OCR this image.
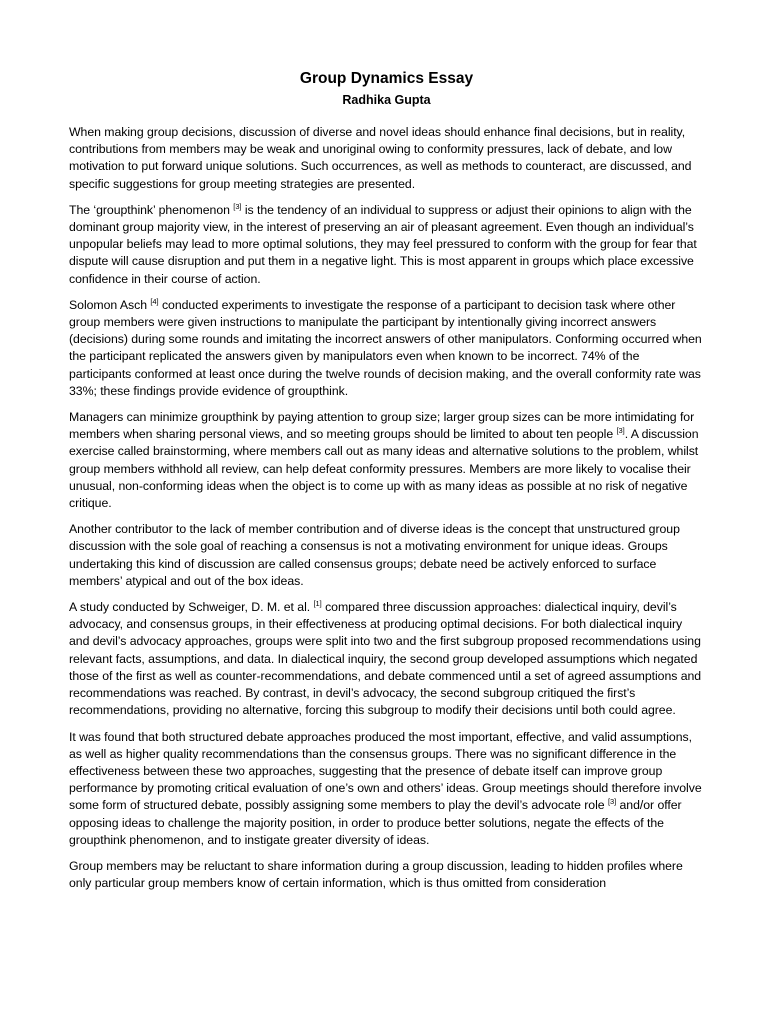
Group Dynamics Essay
Radhika Gupta

When making group decisions, discussion of diverse and novel ideas should enhance final decisions, but in reality, contributions from members may be weak and unoriginal owing to conformity pressures, lack of debate, and low motivation to put forward unique solutions. Such occurrences, as well as methods to counteract, are discussed, and specific suggestions for group meeting strategies are presented.

The ‘groupthink’ phenomenon [3] is the tendency of an individual to suppress or adjust their opinions to align with the dominant group majority view, in the interest of preserving an air of pleasant agreement. Even though an individual’s unpopular beliefs may lead to more optimal solutions, they may feel pressured to conform with the group for fear that dispute will cause disruption and put them in a negative light. This is most apparent in groups which place excessive confidence in their course of action.

Solomon Asch [4] conducted experiments to investigate the response of a participant to decision task where other group members were given instructions to manipulate the participant by intentionally giving incorrect answers (decisions) during some rounds and imitating the incorrect answers of other manipulators. Conforming occurred when the participant replicated the answers given by manipulators even when known to be incorrect. 74% of the participants conformed at least once during the twelve rounds of decision making, and the overall conformity rate was 33%; these findings provide evidence of groupthink.

Managers can minimize groupthink by paying attention to group size; larger group sizes can be more intimidating for members when sharing personal views, and so meeting groups should be limited to about ten people [3]. A discussion exercise called brainstorming, where members call out as many ideas and alternative solutions to the problem, whilst group members withhold all review, can help defeat conformity pressures. Members are more likely to vocalise their unusual, non-conforming ideas when the object is to come up with as many ideas as possible at no risk of negative critique.

Another contributor to the lack of member contribution and of diverse ideas is the concept that unstructured group discussion with the sole goal of reaching a consensus is not a motivating environment for unique ideas. Groups undertaking this kind of discussion are called consensus groups; debate need be actively enforced to surface members’ atypical and out of the box ideas.

A study conducted by Schweiger, D. M. et al. [1] compared three discussion approaches: dialectical inquiry, devil’s advocacy, and consensus groups, in their effectiveness at producing optimal decisions. For both dialectical inquiry and devil’s advocacy approaches, groups were split into two and the first subgroup proposed recommendations using relevant facts, assumptions, and data. In dialectical inquiry, the second group developed assumptions which negated those of the first as well as counter-recommendations, and debate commenced until a set of agreed assumptions and recommendations was reached. By contrast, in devil’s advocacy, the second subgroup critiqued the first’s recommendations, providing no alternative, forcing this subgroup to modify their decisions until both could agree.

It was found that both structured debate approaches produced the most important, effective, and valid assumptions, as well as higher quality recommendations than the consensus groups. There was no significant difference in the effectiveness between these two approaches, suggesting that the presence of debate itself can improve group performance by promoting critical evaluation of one’s own and others’ ideas. Group meetings should therefore involve some form of structured debate, possibly assigning some members to play the devil’s advocate role [3] and/or offer opposing ideas to challenge the majority position, in order to produce better solutions, negate the effects of the groupthink phenomenon, and to instigate greater diversity of ideas.

Group members may be reluctant to share information during a group discussion, leading to hidden profiles where only particular group members know of certain information, which is thus omitted from consideration
